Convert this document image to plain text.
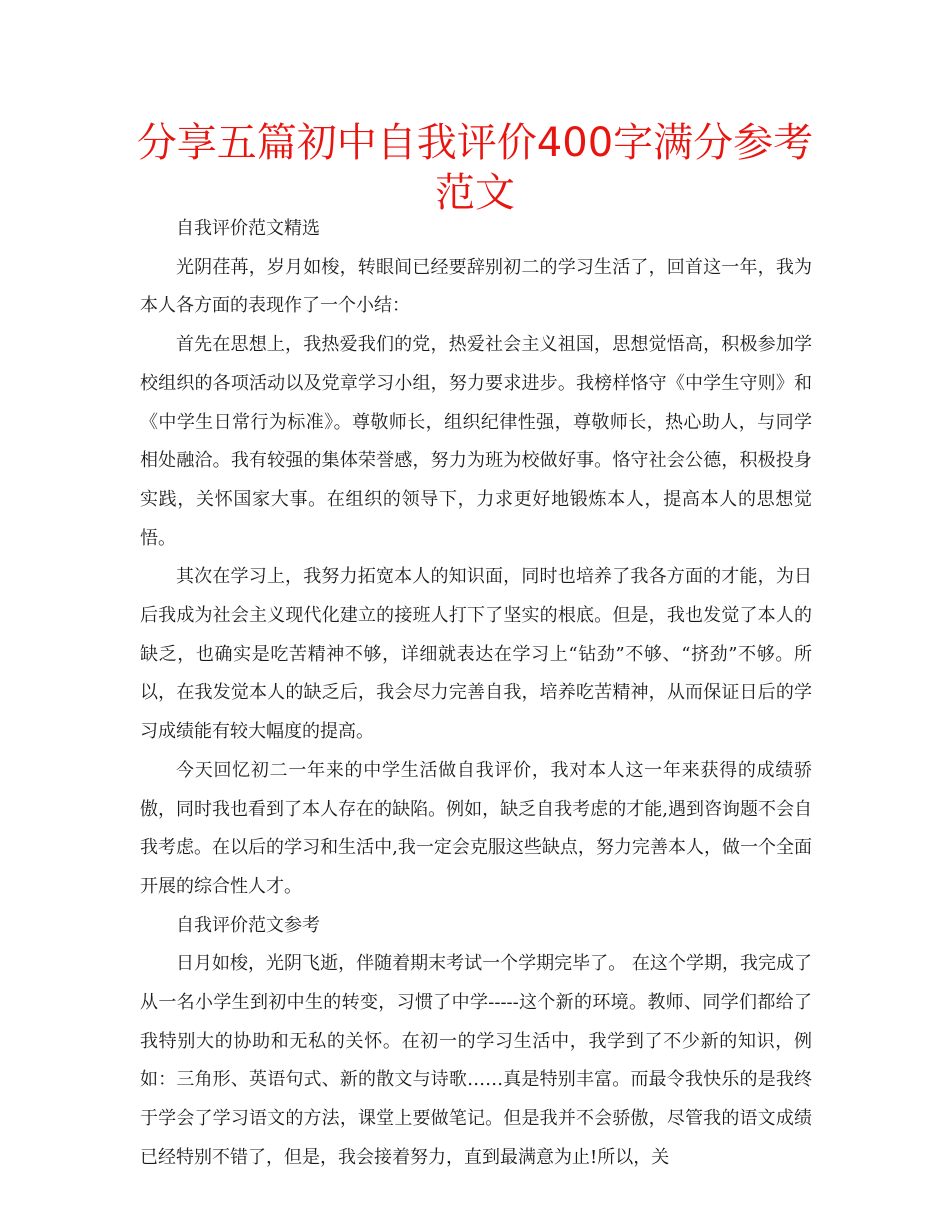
分享五篇初中自我评价400字满分参考范文

自我评价范文精选

光阴荏苒，岁月如梭，转眼间已经要辞别初二的学习生活了，回首这一年，我为本人各方面的表现作了一个小结：

首先在思想上，我热爱我们的党，热爱社会主义祖国，思想觉悟高，积极参加学校组织的各项活动以及党章学习小组，努力要求进步。我榜样恪守《中学生守则》和《中学生日常行为标准》。尊敬师长，组织纪律性强，尊敬师长，热心助人，与同学相处融洽。我有较强的集体荣誉感，努力为班为校做好事。恪守社会公德，积极投身实践，关怀国家大事。在组织的领导下，力求更好地锻炼本人，提高本人的思想觉悟。

其次在学习上，我努力拓宽本人的知识面，同时也培养了我各方面的才能，为日后我成为社会主义现代化建立的接班人打下了坚实的根底。但是，我也发觉了本人的缺乏，也确实是吃苦精神不够，详细就表达在学习上“钻劲”不够、“挤劲”不够。所以，在我发觉本人的缺乏后，我会尽力完善自我，培养吃苦精神，从而保证日后的学习成绩能有较大幅度的提高。

今天回忆初二一年来的中学生活做自我评价，我对本人这一年来获得的成绩骄傲，同时我也看到了本人存在的缺陷。例如，缺乏自我考虑的才能,遇到咨询题不会自我考虑。在以后的学习和生活中,我一定会克服这些缺点，努力完善本人，做一个全面开展的综合性人才。

自我评价范文参考

日月如梭，光阴飞逝，伴随着期末考试一个学期完毕了。 在这个学期，我完成了从一名小学生到初中生的转变，习惯了中学-----这个新的环境。教师、同学们都给了我特别大的协助和无私的关怀。在初一的学习生活中，我学到了不少新的知识，例如：三角形、英语句式、新的散文与诗歌……真是特别丰富。而最令我快乐的是我终于学会了学习语文的方法，课堂上要做笔记。但是我并不会骄傲，尽管我的语文成绩已经特别不错了，但是，我会接着努力，直到最满意为止!所以，关
